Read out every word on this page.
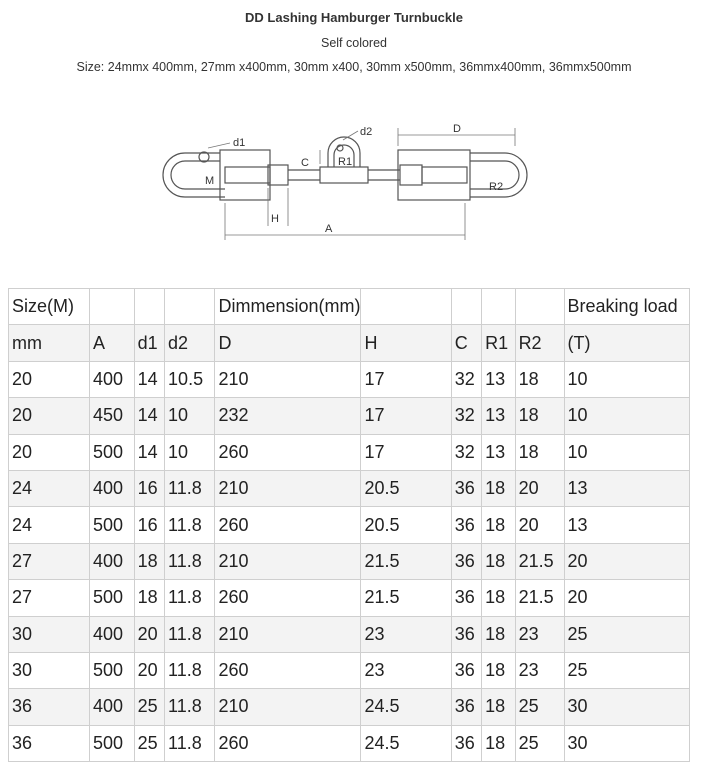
DD Lashing Hamburger Turnbuckle
Self colored
Size: 24mmx 400mm, 27mm x400mm, 30mm x400, 30mm x500mm, 36mmx400mm, 36mmx500mm
d1
d2	D
C	R1
M	R2
H
A
Size(M)				Dimmension(mm)					Breaking load
mm	A	d1	d2	D	H	C	R1	R2	(T)
20	400	14	10.5	210	17	32	13	18	10
20	450	14	10	232	17	32	13	18	10
20	500	14	10	260	17	32	13	18	10
24	400	16	11.8	210	20.5	36	18	20	13
24	500	16	11.8	260	20.5	36	18	20	13
27	400	18	11.8	210	21.5	36	18	21.5	20
27	500	18	11.8	260	21.5	36	18	21.5	20
30	400	20	11.8	210	23	36	18	23	25
30	500	20	11.8	260	23	36	18	23	25
36	400	25	11.8	210	24.5	36	18	25	30
36	500	25	11.8	260	24.5	36	18	25	30
